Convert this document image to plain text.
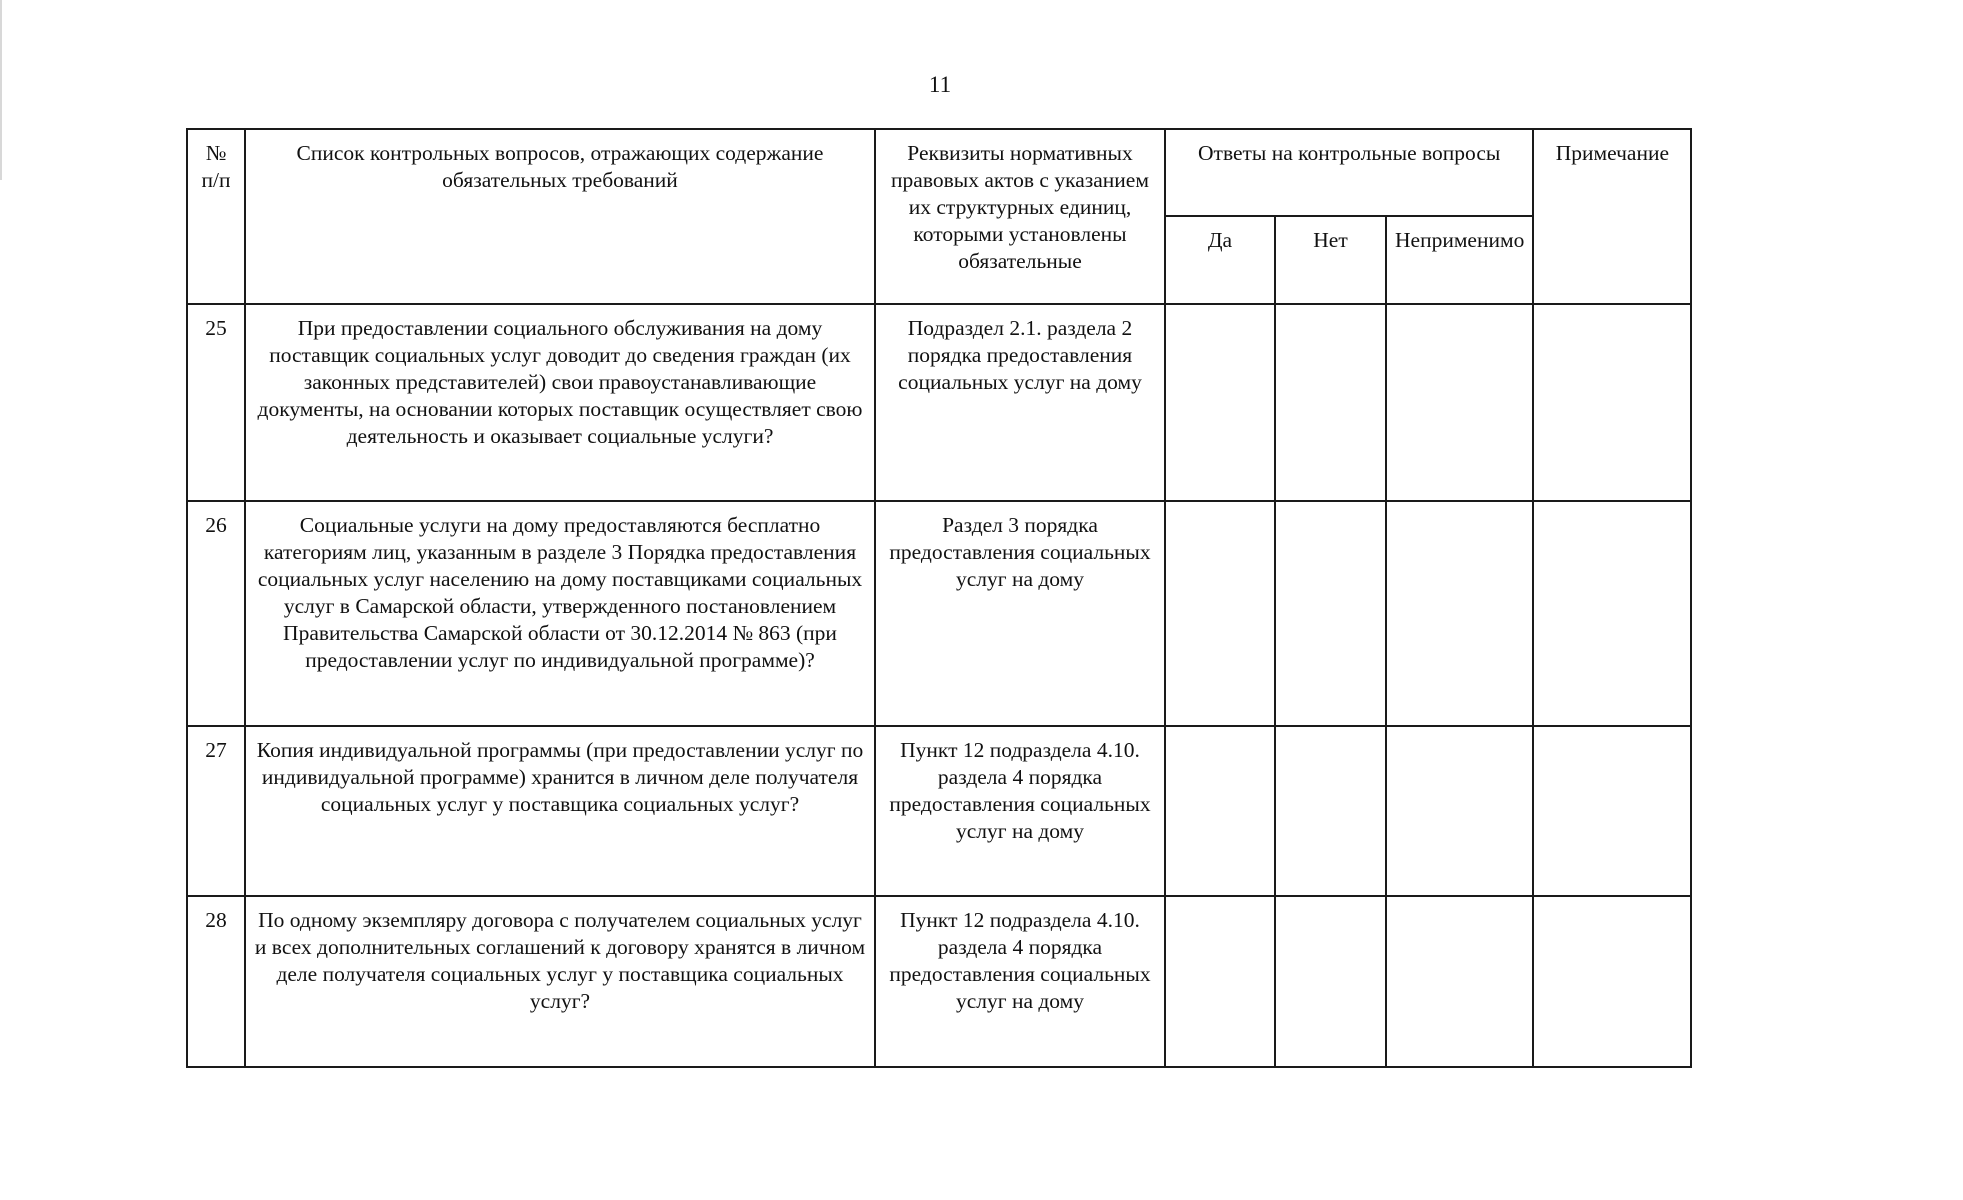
11
№ п/п	Список контрольных вопросов, отражающих содержание обязательных требований	Реквизиты нормативных правовых актов с указанием их структурных единиц, которыми установлены обязательные	Ответы на контрольные вопросы			Примечание
			Да	Нет	Неприменимо	
25	При предоставлении социального обслуживания на дому поставщик социальных услуг доводит до сведения граждан (их законных представителей) свои правоустанавливающие документы, на основании которых поставщик осуществляет свою деятельность и оказывает социальные услуги?	Подраздел 2.1. раздела 2 порядка предоставления социальных услуг на дому				
26	Социальные услуги на дому предоставляются бесплатно категориям лиц, указанным в разделе 3 Порядка предоставления социальных услуг населению на дому поставщиками социальных услуг в Самарской области, утвержденного постановлением Правительства Самарской области от 30.12.2014 № 863 (при предоставлении услуг по индивидуальной программе)?	Раздел 3 порядка предоставления социальных услуг на дому				
27	Копия индивидуальной программы (при предоставлении услуг по индивидуальной программе) хранится в личном деле получателя социальных услуг у поставщика социальных услуг?	Пункт 12 подраздела 4.10. раздела 4 порядка предоставления социальных услуг на дому				
28	По одному экземпляру договора с получателем социальных услуг и всех дополнительных соглашений к договору хранятся в личном деле получателя социальных услуг у поставщика социальных услуг?	Пункт 12 подраздела 4.10. раздела 4 порядка предоставления социальных услуг на дому				
